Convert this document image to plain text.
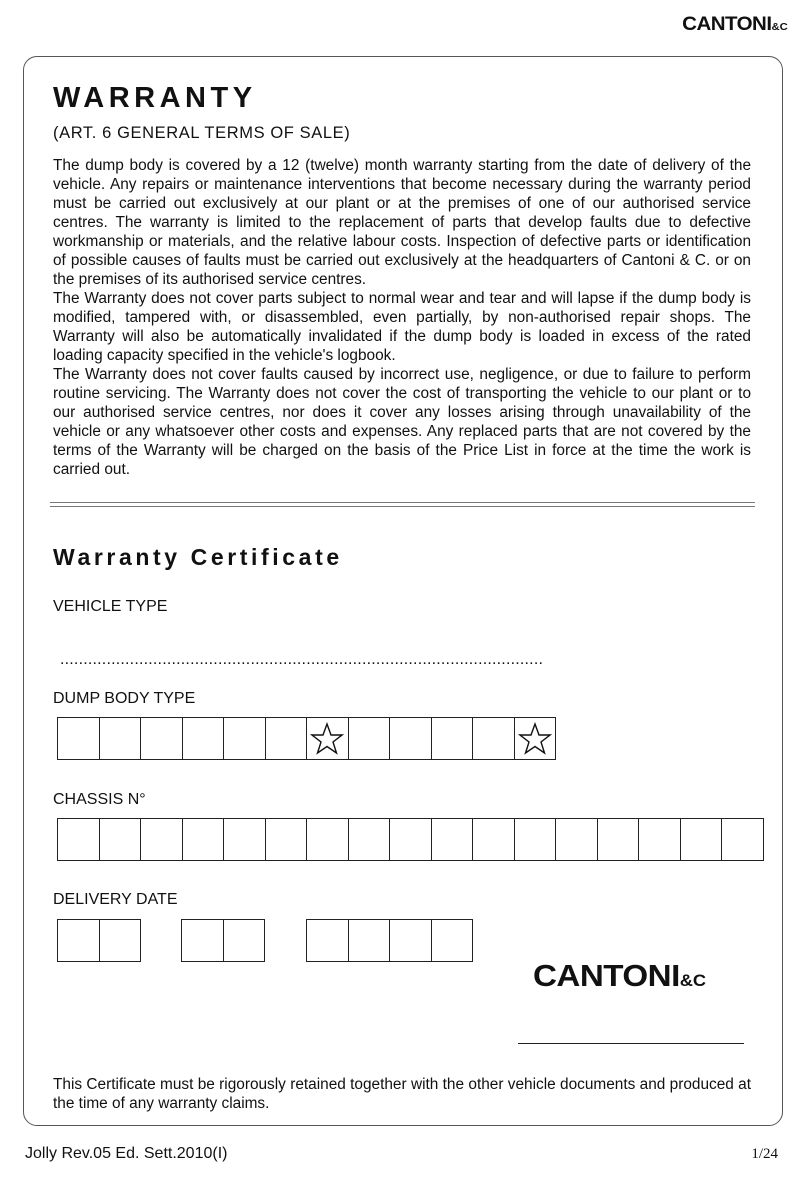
CANTONI&C
WARRANTY
(ART. 6 GENERAL TERMS OF SALE)

The dump body is covered by a 12 (twelve) month warranty starting from the date of delivery of the vehicle. Any repairs or maintenance interventions that become necessary during the warranty period must be carried out exclusively at our plant or at the premises of one of our authorised service centres. The warranty is limited to the replacement of parts that develop faults due to defective workmanship or materials, and the relative labour costs. Inspection of defective parts or identification of possible causes of faults must be carried out exclusively at the headquarters of Cantoni & C. or on the premises of its authorised service centres.

The Warranty does not cover parts subject to normal wear and tear and will lapse if the dump body is modified, tampered with, or disassembled, even partially, by non-authorised repair shops. The Warranty will also be automatically invalidated if the dump body is loaded in excess of the rated loading capacity specified in the vehicle's logbook.

The Warranty does not cover faults caused by incorrect use, negligence, or due to failure to perform routine servicing. The Warranty does not cover the cost of transporting the vehicle to our plant or to our authorised service centres, nor does it cover any losses arising through unavailability of the vehicle or any whatsoever other costs and expenses. Any replaced parts that are not covered by the terms of the Warranty will be charged on the basis of the Price List in force at the time the work is carried out.

Warranty Certificate
VEHICLE TYPE
........................................................................................................
DUMP BODY TYPE
CHASSIS N°
DELIVERY DATE
CANTONI&C

This Certificate must be rigorously retained together with the other vehicle documents and produced at the time of any warranty claims.

Jolly Rev.05 Ed. Sett.2010(I)	1/24
